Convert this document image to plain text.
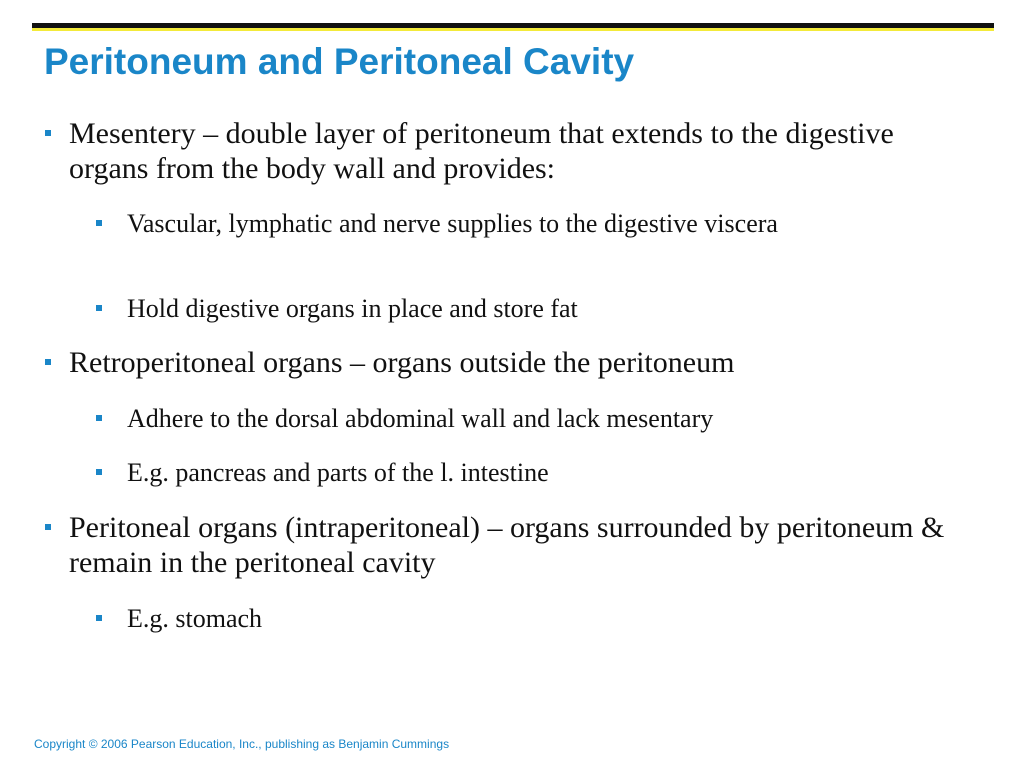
Peritoneum and Peritoneal Cavity
Mesentery – double layer of peritoneum that extends to the digestive organs from the body wall and provides:
Vascular, lymphatic and nerve supplies to the digestive viscera
Hold digestive organs in place and store fat
Retroperitoneal organs – organs outside the peritoneum
Adhere to the dorsal abdominal wall and lack mesentary
E.g. pancreas and parts of the l. intestine
Peritoneal organs (intraperitoneal) – organs surrounded by peritoneum & remain in the peritoneal cavity
E.g. stomach
Copyright © 2006 Pearson Education, Inc., publishing as Benjamin Cummings
